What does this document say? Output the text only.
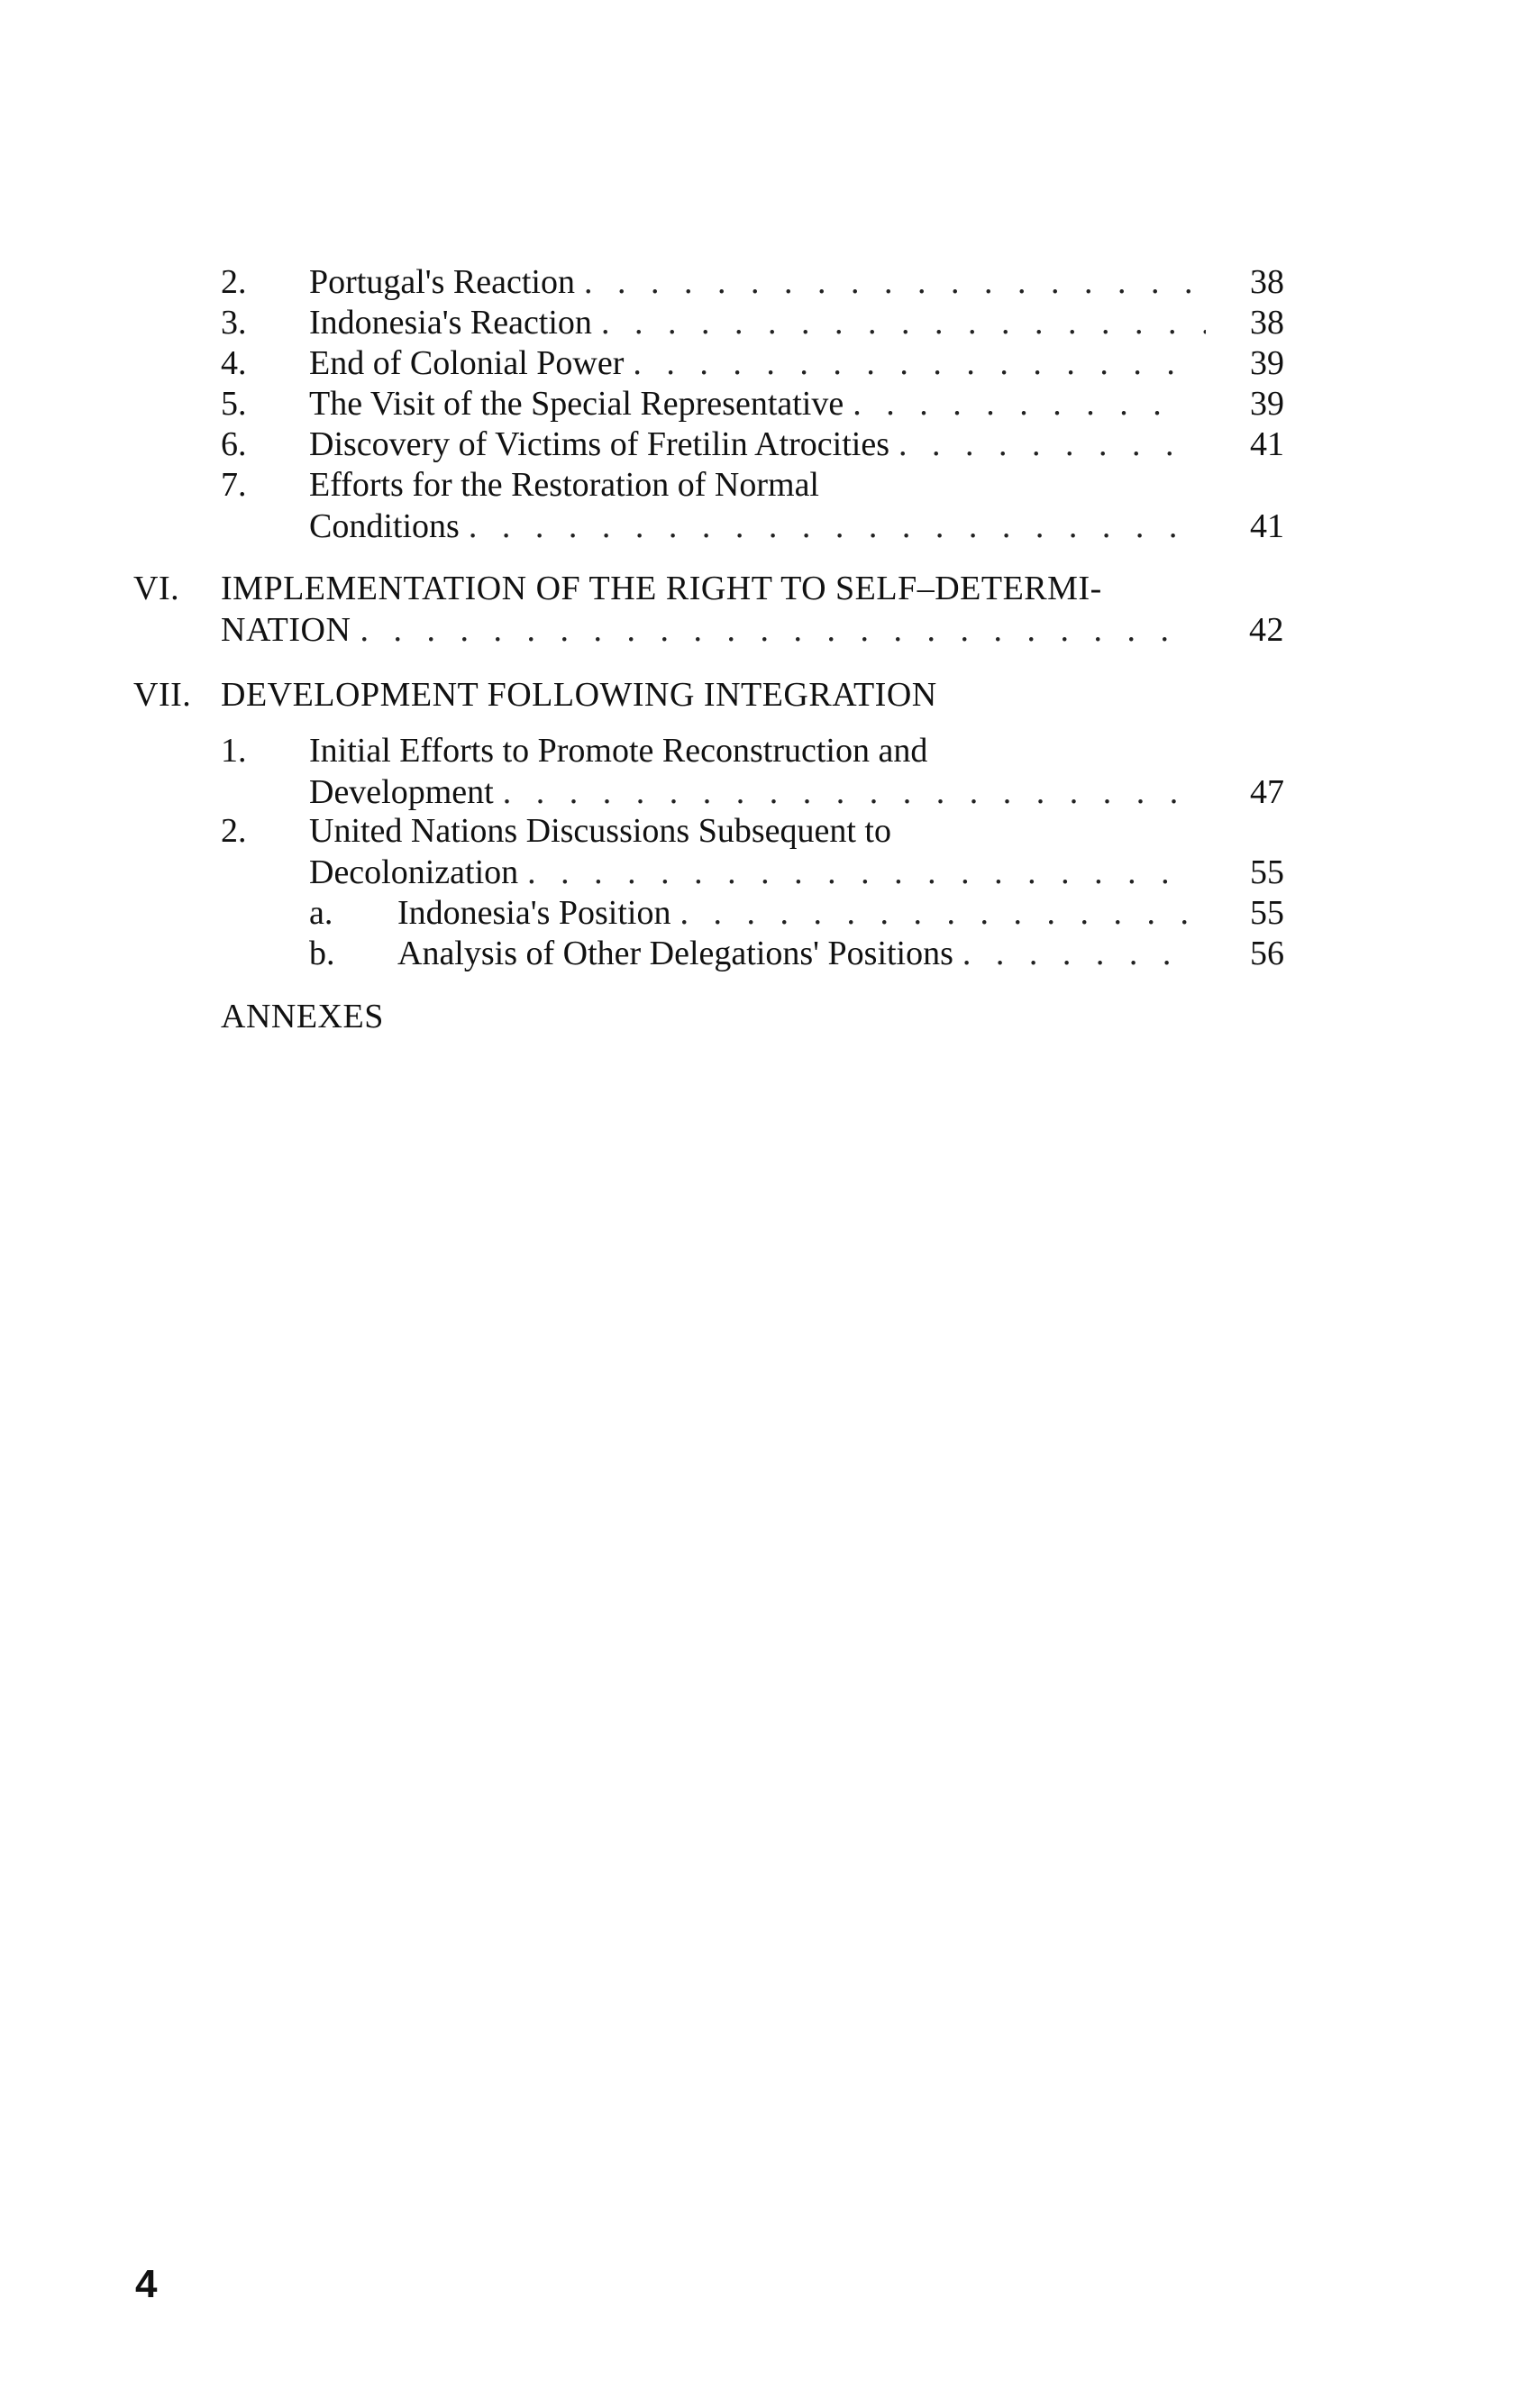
2. Portugal's Reaction . . .	38
3. Indonesia's Reaction . . .	38
4. End of Colonial Power . . .	39
5. The Visit of the Special Representative . . .	39
6. Discovery of Victims of Fretilin Atrocities . . .	41
7. Efforts for the Restoration of Normal
Conditions . . .	41
VI. IMPLEMENTATION OF THE RIGHT TO SELF–DETERMI-
NATION . . .	42
VII. DEVELOPMENT FOLLOWING INTEGRATION
1. Initial Efforts to Promote Reconstruction and
Development . . .	47
2. United Nations Discussions Subsequent to
Decolonization . . .	55
a. Indonesia's Position . . .	55
b. Analysis of Other Delegations' Positions . . .	56
ANNEXES
4
